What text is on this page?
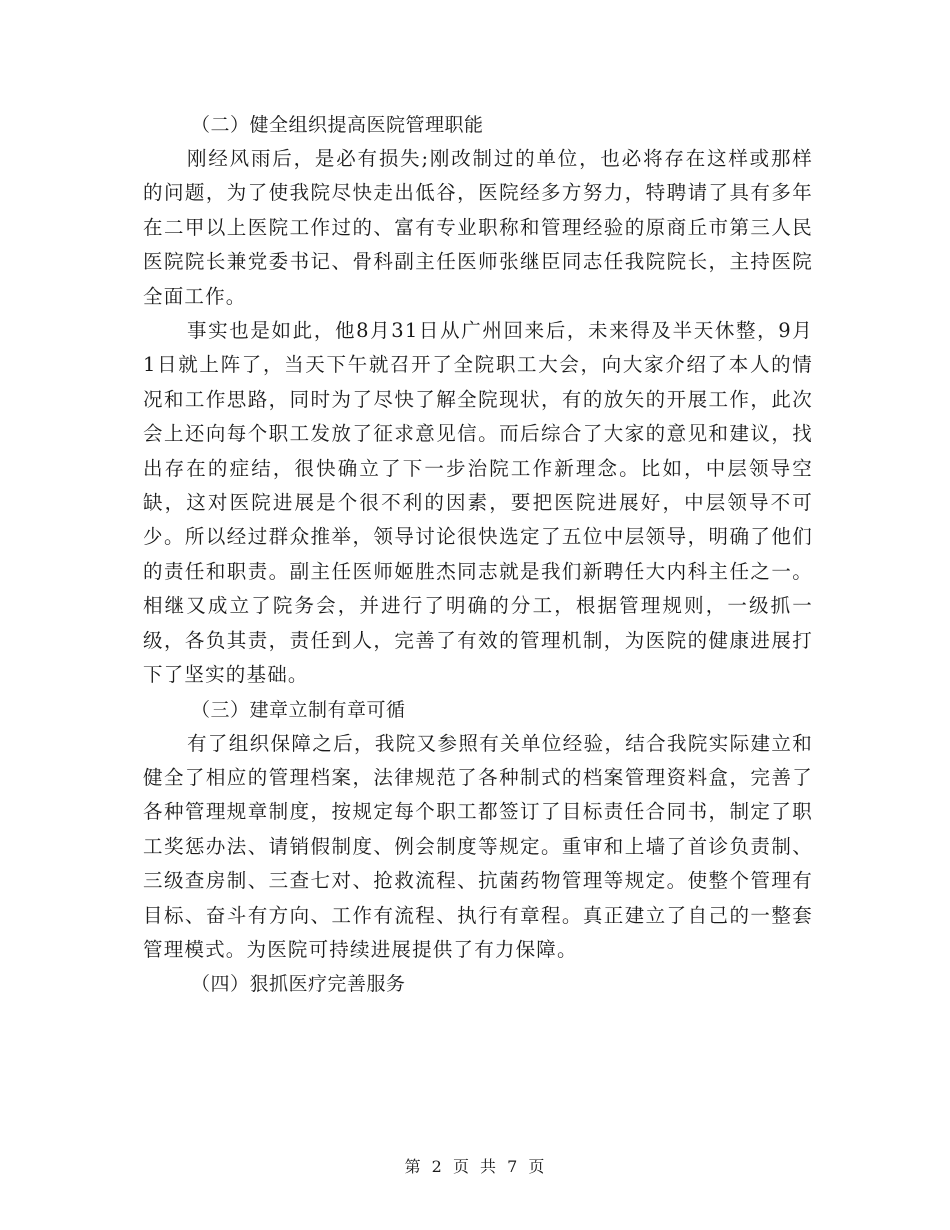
（二）健全组织提高医院管理职能

刚经风雨后，是必有损失;刚改制过的单位，也必将存在这样或那样的问题，为了使我院尽快走出低谷，医院经多方努力，特聘请了具有多年在二甲以上医院工作过的、富有专业职称和管理经验的原商丘市第三人民医院院长兼党委书记、骨科副主任医师张继臣同志任我院院长，主持医院全面工作。

事实也是如此，他8月31日从广州回来后，未来得及半天休整，9月1日就上阵了，当天下午就召开了全院职工大会，向大家介绍了本人的情况和工作思路，同时为了尽快了解全院现状，有的放矢的开展工作，此次会上还向每个职工发放了征求意见信。而后综合了大家的意见和建议，找出存在的症结，很快确立了下一步治院工作新理念。比如，中层领导空缺，这对医院进展是个很不利的因素，要把医院进展好，中层领导不可少。所以经过群众推举，领导讨论很快选定了五位中层领导，明确了他们的责任和职责。副主任医师姬胜杰同志就是我们新聘任大内科主任之一。相继又成立了院务会，并进行了明确的分工，根据管理规则，一级抓一级，各负其责，责任到人，完善了有效的管理机制，为医院的健康进展打下了坚实的基础。

（三）建章立制有章可循

有了组织保障之后，我院又参照有关单位经验，结合我院实际建立和健全了相应的管理档案，法律规范了各种制式的档案管理资料盒，完善了各种管理规章制度，按规定每个职工都签订了目标责任合同书，制定了职工奖惩办法、请销假制度、例会制度等规定。重审和上墙了首诊负责制、三级查房制、三查七对、抢救流程、抗菌药物管理等规定。使整个管理有目标、奋斗有方向、工作有流程、执行有章程。真正建立了自己的一整套管理模式。为医院可持续进展提供了有力保障。

（四）狠抓医疗完善服务
第 2 页 共 7 页
